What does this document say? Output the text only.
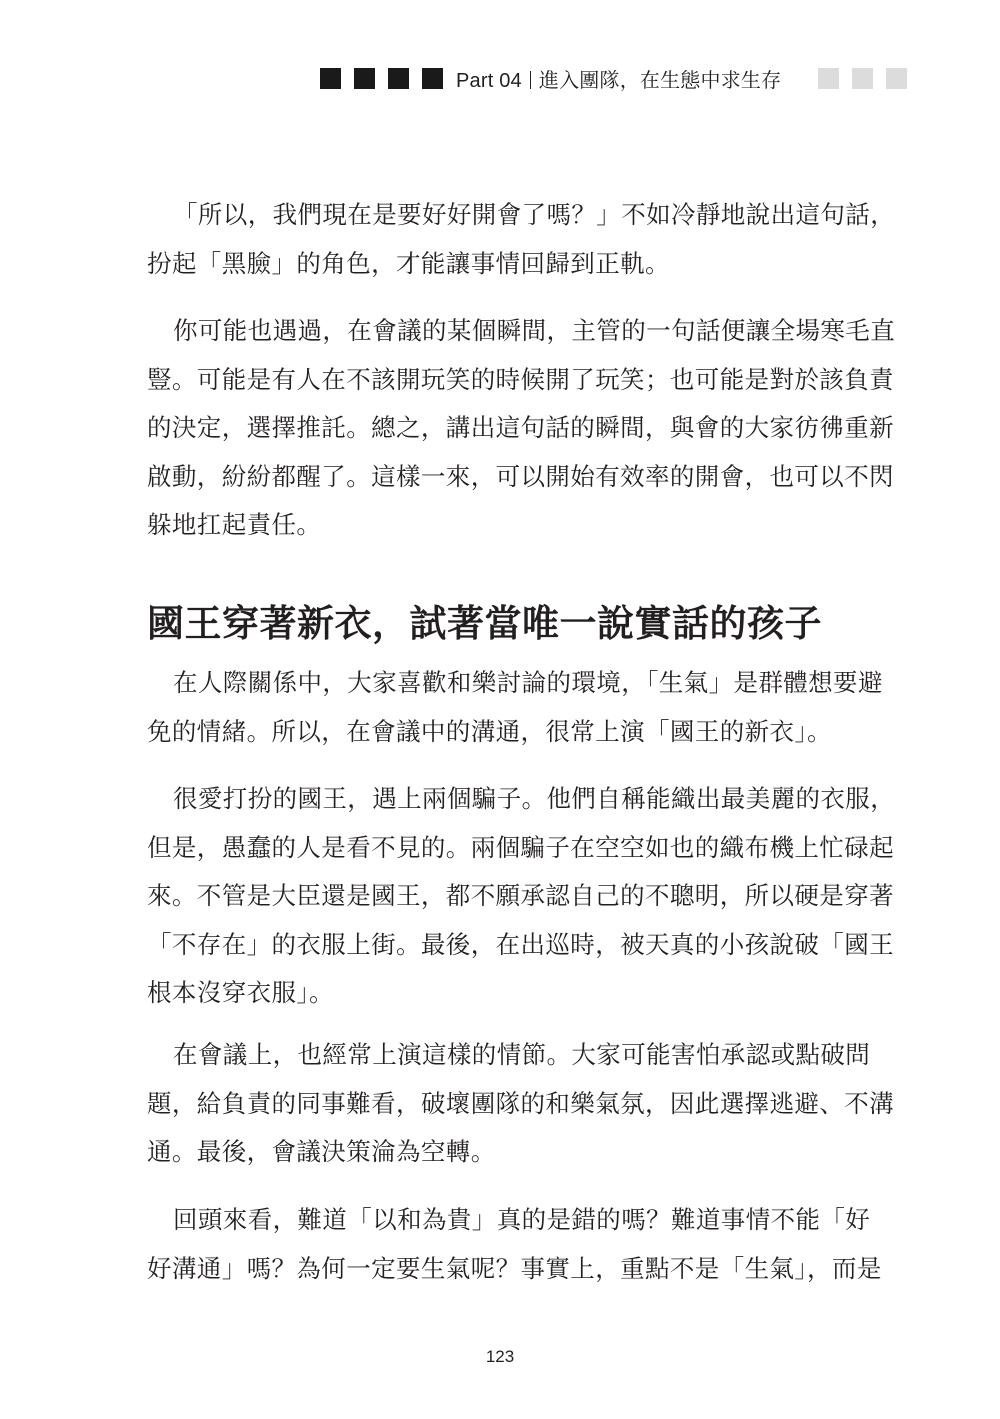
Part 04 進入團隊，在生態中求生存

「所以，我們現在是要好好開會了嗎？」不如冷靜地說出這句話，
扮起「黑臉」的角色，才能讓事情回歸到正軌。

你可能也遇過，在會議的某個瞬間，主管的一句話便讓全場寒毛直
豎。可能是有人在不該開玩笑的時候開了玩笑；也可能是對於該負責
的決定，選擇推託。總之，講出這句話的瞬間，與會的大家彷彿重新
啟動，紛紛都醒了。這樣一來，可以開始有效率的開會，也可以不閃
躲地扛起責任。

國王穿著新衣，試著當唯一說實話的孩子

在人際關係中，大家喜歡和樂討論的環境，「生氣」是群體想要避
免的情緒。所以，在會議中的溝通，很常上演「國王的新衣」。

很愛打扮的國王，遇上兩個騙子。他們自稱能織出最美麗的衣服，
但是，愚蠢的人是看不見的。兩個騙子在空空如也的織布機上忙碌起
來。不管是大臣還是國王，都不願承認自己的不聰明，所以硬是穿著
「不存在」的衣服上街。最後，在出巡時，被天真的小孩說破「國王
根本沒穿衣服」。

在會議上，也經常上演這樣的情節。大家可能害怕承認或點破問
題，給負責的同事難看，破壞團隊的和樂氣氛，因此選擇逃避、不溝
通。最後，會議決策淪為空轉。

回頭來看，難道「以和為貴」真的是錯的嗎？難道事情不能「好
好溝通」嗎？為何一定要生氣呢？事實上，重點不是「生氣」，而是

123
